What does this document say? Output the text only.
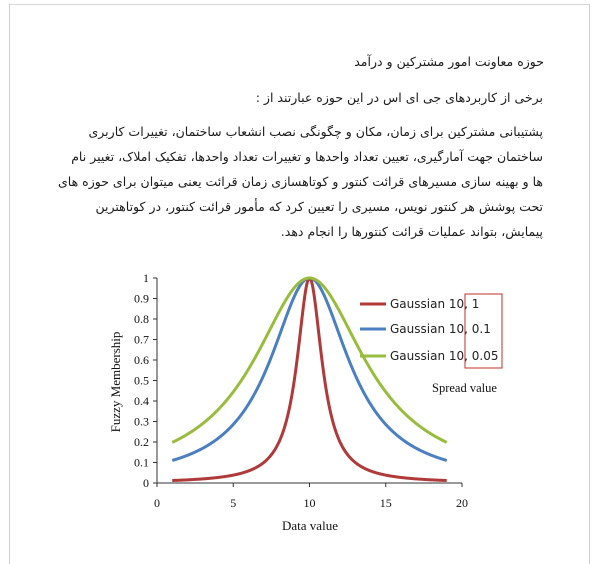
حوزه معاونت امور مشترکین و درآمد
برخی از کاربردهای جی ای اس در این حوزه عبارتند از :
پشتیبانی مشترکین برای زمان، مکان و چگونگی نصب انشعاب ساختمان، تغییرات کاربری
ساختمان جهت آمارگیری، تعیین تعداد واحدها و تغییرات تعداد واحدها، تفکیک املاک، تغییر نام
ها و بهینه سازی مسیرهای قرائت کنتور و کوتاهسازی زمان قرائت یعنی میتوان برای حوزه های
تحت پوشش هر کنتور نویس، مسیری را تعیین کرد که مأمور قرائت کنتور، در کوتاهترین
پیمایش، بتواند عملیات قرائت کنتورها را انجام دهد.
0
0.1
0.2
0.3
0.4
0.5
0.6
0.7
0.8
0.9
1
0	5	10	15	20
Gaussian 10, 1
Gaussian 10, 0.1
Gaussian 10, 0.05
Data value
Fuzzy Membership	Spread value
